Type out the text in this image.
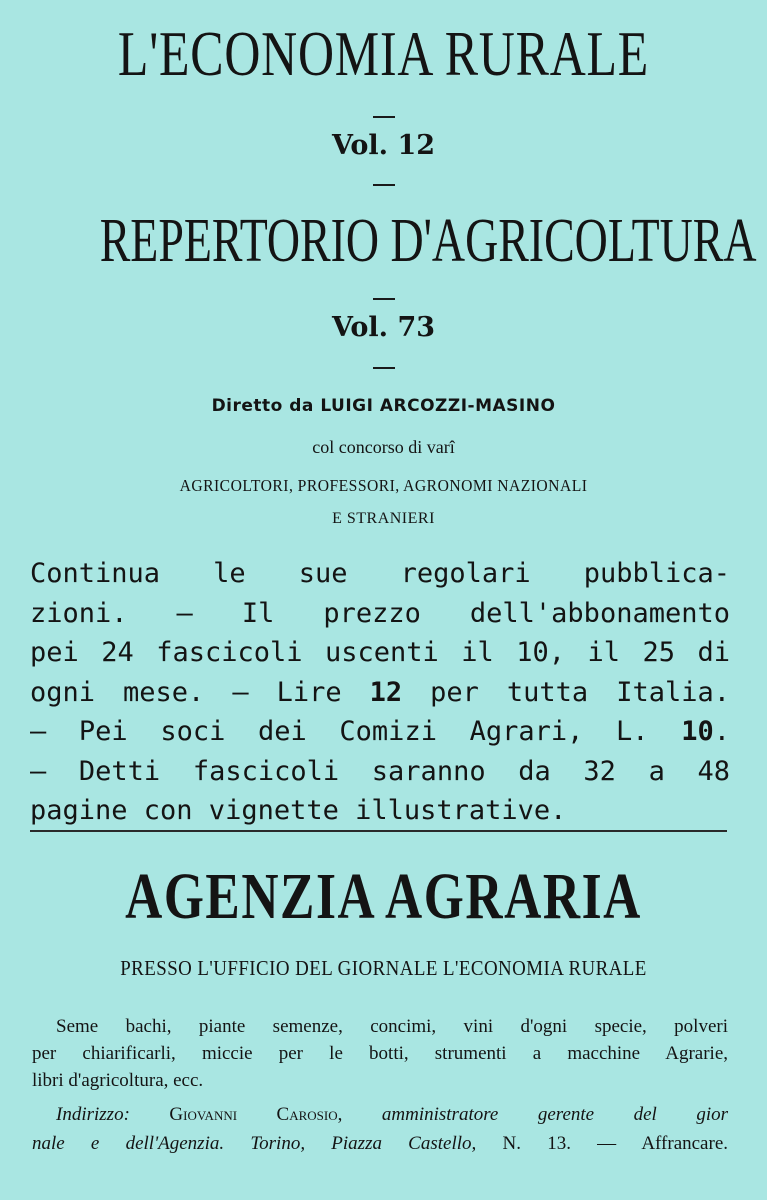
L'ECONOMIA RURALE
Vol. 12
REPERTORIO D'AGRICOLTURA
Vol. 73
Diretto da LUIGI ARCOZZI-MASINO
col concorso di varî
AGRICOLTORI, PROFESSORI, AGRONOMI NAZIONALI
E STRANIERI
Continua le sue regolari pubblica-
zioni. — Il prezzo dell'abbonamento
pei 24 fascicoli uscenti il 10, il 25 di
ogni mese. — Lire 12 per tutta Italia.
— Pei soci dei Comizi Agrari, L. 10.
— Detti fascicoli saranno da 32 a 48
pagine con vignette illustrative.
AGENZIA AGRARIA
PRESSO L'UFFICIO DEL GIORNALE L'ECONOMIA RURALE
Seme bachi, piante semenze, concimi, vini d'ogni specie, polveri
per chiarificarli, miccie per le botti, strumenti a macchine Agrarie,
libri d'agricoltura, ecc.
Indirizzo: Giovanni Carosio, amministratore gerente del gior
nale e dell'Agenzia. Torino, Piazza Castello, N. 13. — Affrancare.
